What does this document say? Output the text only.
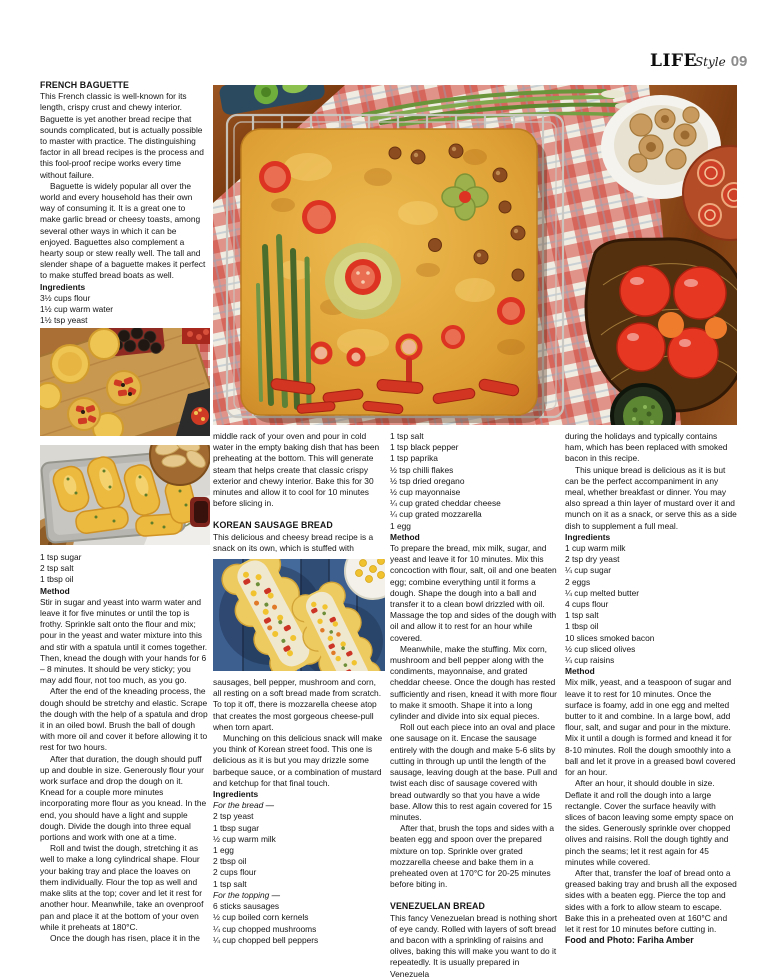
LIFE
Style 09
FRENCH BAGUETTE

This French classic is well-known for its length, crispy crust and chewy interior. Baguette is yet another bread recipe that sounds complicated, but is actually possible to master with practice. The distinguishing factor in all bread recipes is the process and this fool-proof recipe works every time without failure.

Baguette is widely popular all over the world and every household has their own way of consuming it. It is a great one to make garlic bread or cheesy toasts, among several other ways in which it can be enjoyed. Baguettes also complement a hearty soup or stew really well. The tall and slender shape of a baguette makes it perfect to make stuffed bread boats as well.

Ingredients

3½ cups flour
1½ cup warm water
1½ tsp yeast
1 tsp sugar
2 tsp salt
1 tbsp oil

Method

Stir in sugar and yeast into warm water and leave it for five minutes or until the top is frothy. Sprinkle salt onto the flour and mix; pour in the yeast and water mixture into this and stir with a spatula until it comes together. Then, knead the dough with your hands for 6 – 8 minutes. It should be very sticky; you may add flour, not too much, as you go.

After the end of the kneading process, the dough should be stretchy and elastic. Scrape the dough with the help of a spatula and drop it in an oiled bowl. Brush the ball of dough with more oil and cover it before allowing it to rest for two hours.

After that duration, the dough should puff up and double in size. Generously flour your work surface and drop the dough on it. Knead for a couple more minutes incorporating more flour as you knead. In the end, you should have a light and supple dough. Divide the dough into three equal portions and work with one at a time.

Roll and twist the dough, stretching it as well to make a long cylindrical shape. Flour your baking tray and place the loaves on them individually. Flour the top as well and make slits at the top; cover and let it rest for another hour. Meanwhile, take an ovenproof pan and place it at the bottom of your oven while it preheats at 180°C.

Once the dough has risen, place it in the

middle rack of your oven and pour in cold water in the empty baking dish that has been preheating at the bottom. This will generate steam that helps create that classic crispy exterior and chewy interior. Bake this for 30 minutes and allow it to cool for 10 minutes before slicing in.

KOREAN SAUSAGE BREAD

This delicious and cheesy bread recipe is a snack on its own, which is stuffed with

sausages, bell pepper, mushroom and corn, all resting on a soft bread made from scratch. To top it off, there is mozzarella cheese atop that creates the most gorgeous cheese-pull when torn apart.

Munching on this delicious snack will make you think of Korean street food. This one is delicious as it is but you may drizzle some barbeque sauce, or a combination of mustard and ketchup for that final touch.

Ingredients

For the bread —

2 tsp yeast
1 tbsp sugar
½ cup warm milk
1 egg
2 tbsp oil
2 cups flour
1 tsp salt

For the topping —

6 sticks sausages
½ cup boiled corn kernels
¼ cup chopped mushrooms
¼ cup chopped bell peppers
1 tsp salt
1 tsp black pepper
1 tsp paprika
½ tsp chilli flakes
½ tsp dried oregano
½ cup mayonnaise
¼ cup grated cheddar cheese
¼ cup grated mozzarella
1 egg

Method

To prepare the bread, mix milk, sugar, and yeast and leave it for 10 minutes. Mix this concoction with flour, salt, oil and one beaten egg; combine everything until it forms a dough. Shape the dough into a ball and transfer it to a clean bowl drizzled with oil. Massage the top and sides of the dough with oil and allow it to rest for an hour while covered.

Meanwhile, make the stuffing. Mix corn, mushroom and bell pepper along with the condiments, mayonnaise, and grated cheddar cheese. Once the dough has rested sufficiently and risen, knead it with more flour to make it smooth. Shape it into a long cylinder and divide into six equal pieces.

Roll out each piece into an oval and place one sausage on it. Encase the sausage entirely with the dough and make 5-6 slits by cutting in through up until the length of the sausage, leaving dough at the base. Pull and twist each disc of sausage covered with bread outwardly so that you have a wide base. Allow this to rest again covered for 15 minutes.

After that, brush the tops and sides with a beaten egg and spoon over the prepared mixture on top. Sprinkle over grated mozzarella cheese and bake them in a preheated oven at 170°C for 20-25 minutes before biting in.

VENEZUELAN BREAD

This fancy Venezuelan bread is nothing short of eye candy. Rolled with layers of soft bread and bacon with a sprinkling of raisins and olives, baking this will make you want to do it repeatedly. It is usually prepared in Venezuela

during the holidays and typically contains ham, which has been replaced with smoked bacon in this recipe.

This unique bread is delicious as it is but can be the perfect accompaniment in any meal, whether breakfast or dinner. You may also spread a thin layer of mustard over it and munch on it as a snack, or serve this as a side dish to supplement a full meal.

Ingredients

1 cup warm milk
2 tsp dry yeast
¼ cup sugar
2 eggs
¼ cup melted butter
4 cups flour
1 tsp salt
1 tbsp oil
10 slices smoked bacon
½ cup sliced olives
¼ cup raisins

Method

Mix milk, yeast, and a teaspoon of sugar and leave it to rest for 10 minutes. Once the surface is foamy, add in one egg and melted butter to it and combine. In a large bowl, add flour, salt, and sugar and pour in the mixture. Mix it until a dough is formed and knead it for 8-10 minutes. Roll the dough smoothly into a ball and let it prove in a greased bowl covered for an hour.

After an hour, it should double in size. Deflate it and roll the dough into a large rectangle. Cover the surface heavily with slices of bacon leaving some empty space on the sides. Generously sprinkle over chopped olives and raisins. Roll the dough tightly and pinch the seams; let it rest again for 45 minutes while covered.

After that, transfer the loaf of bread onto a greased baking tray and brush all the exposed sides with a beaten egg. Pierce the top and sides with a fork to allow steam to escape. Bake this in a preheated oven at 160°C and let it rest for 10 minutes before cutting in.

Food and Photo: Fariha Amber
